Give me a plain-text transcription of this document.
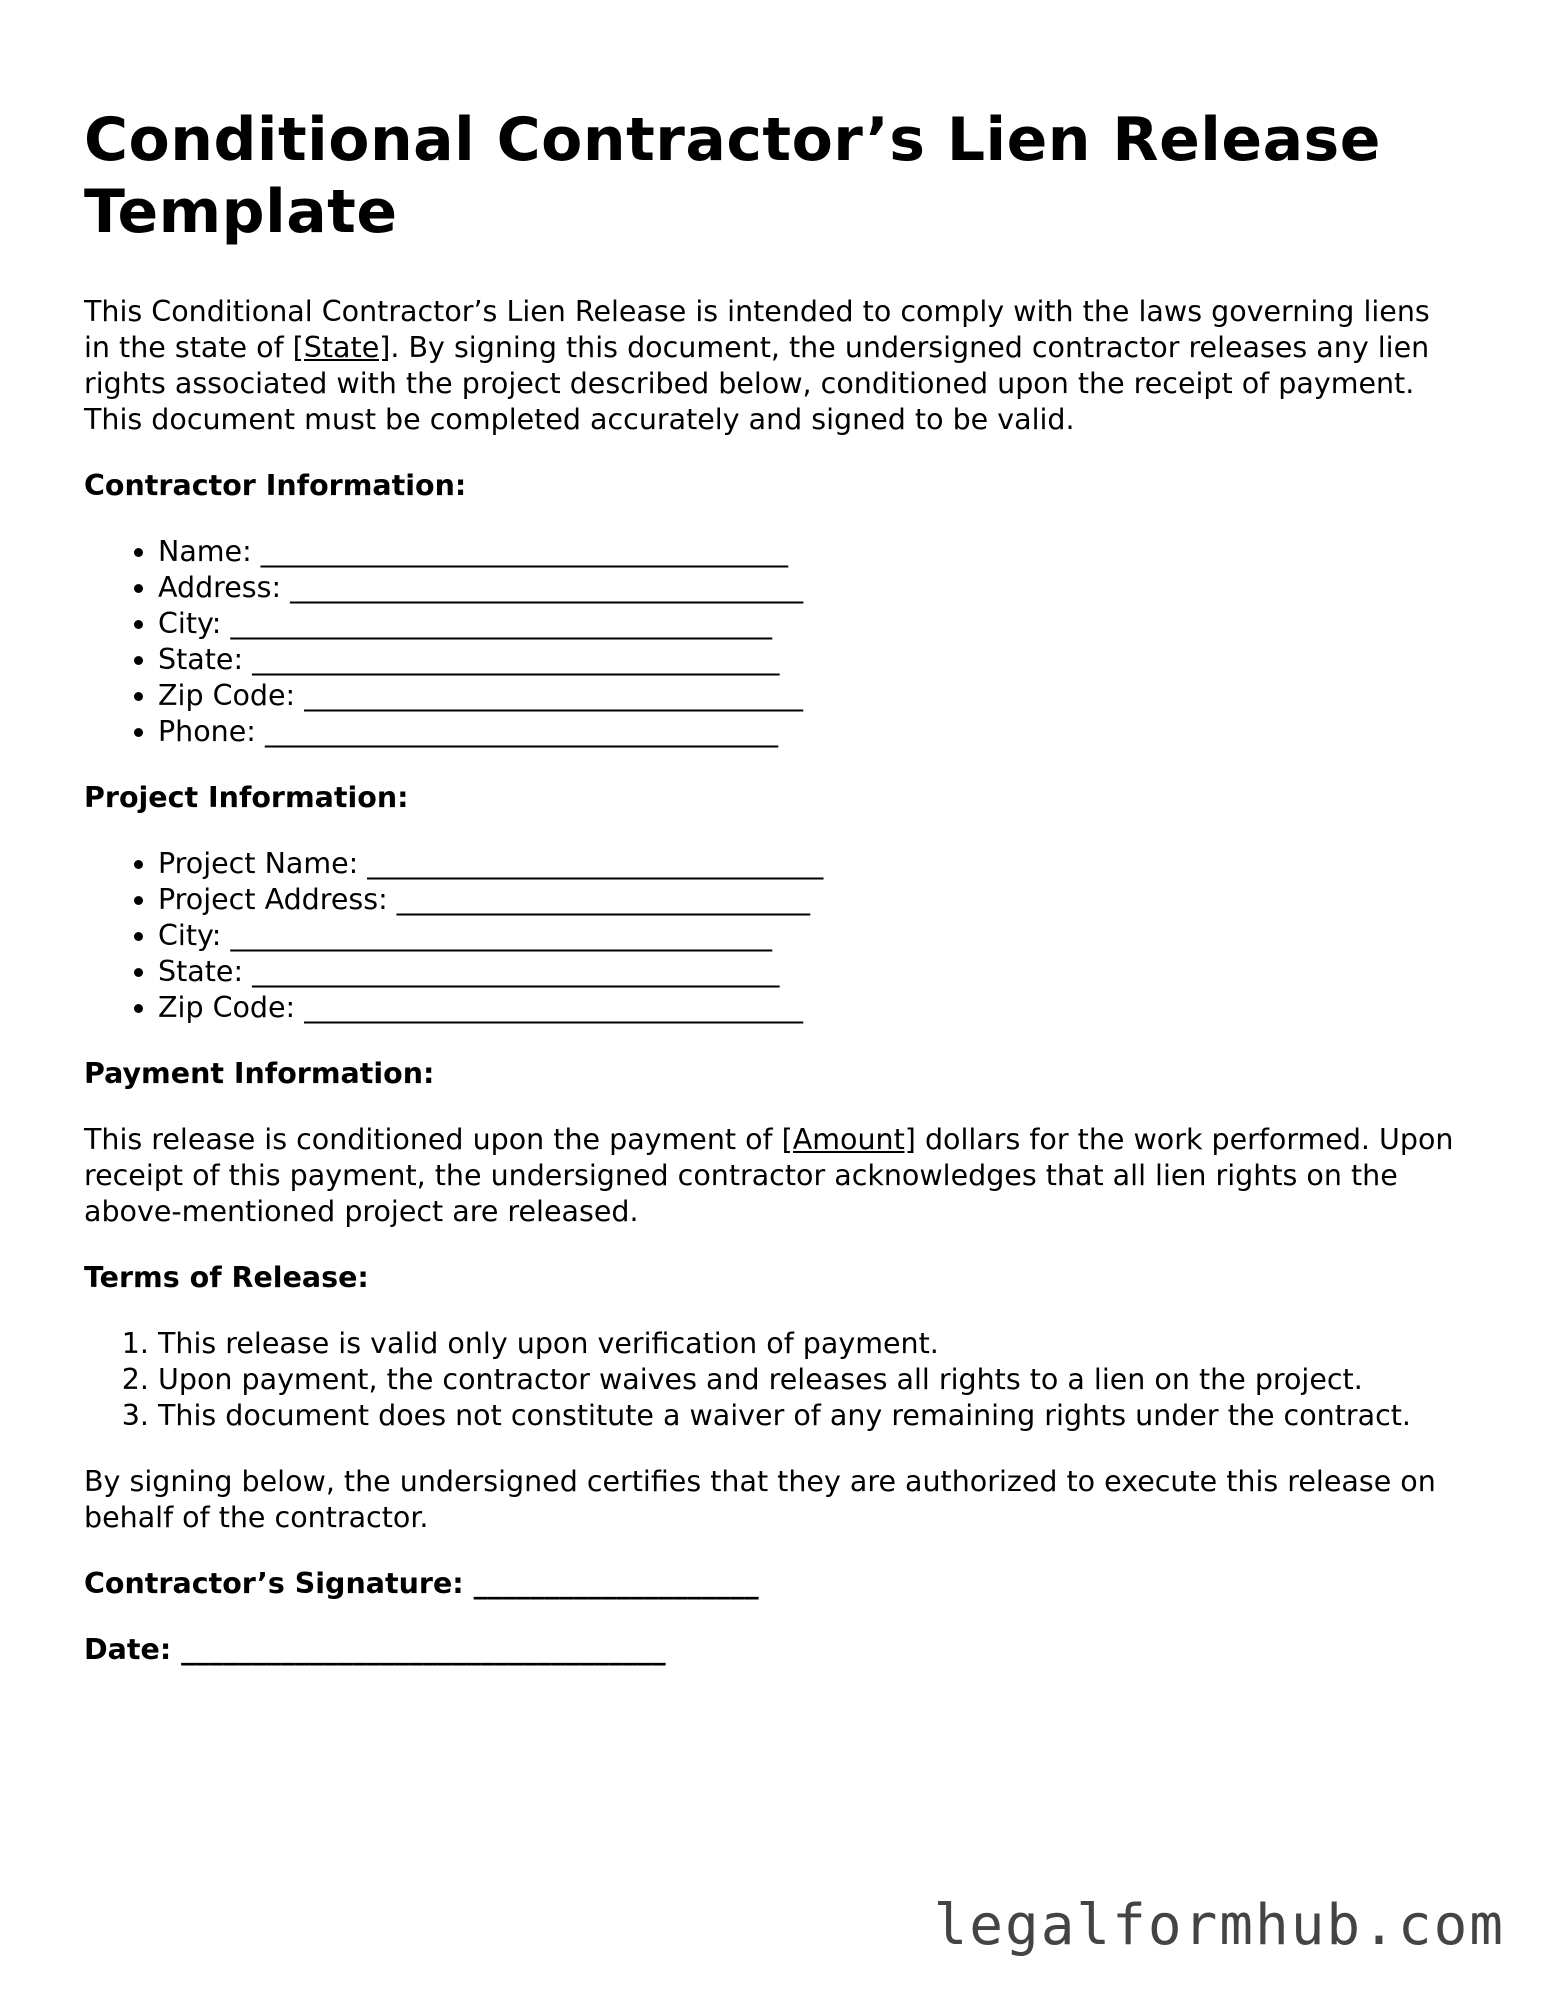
Conditional Contractor’s Lien Release Template

This Conditional Contractor’s Lien Release is intended to comply with the laws governing liens in the state of [State]. By signing this document, the undersigned contractor releases any lien rights associated with the project described below, conditioned upon the receipt of payment. This document must be completed accurately and signed to be valid.

Contractor Information:
• Name: _____________________________________
• Address: ____________________________________
• City: ______________________________________
• State: _____________________________________
• Zip Code: ___________________________________
• Phone: ____________________________________
Project Information:
• Project Name: ________________________________
• Project Address: _____________________________
• City: ______________________________________
• State: _____________________________________
• Zip Code: ___________________________________
Payment Information:

This release is conditioned upon the payment of [Amount] dollars for the work performed. Upon receipt of this payment, the undersigned contractor acknowledges that all lien rights on the above-mentioned project are released.

Terms of Release:
1. This release is valid only upon verification of payment.
2. Upon payment, the contractor waives and releases all rights to a lien on the project.
3. This document does not constitute a waiver of any remaining rights under the contract.

By signing below, the undersigned certifies that they are authorized to execute this release on behalf of the contractor.

Contractor’s Signature: ____________________
Date: __________________________________
legalformhub.com
